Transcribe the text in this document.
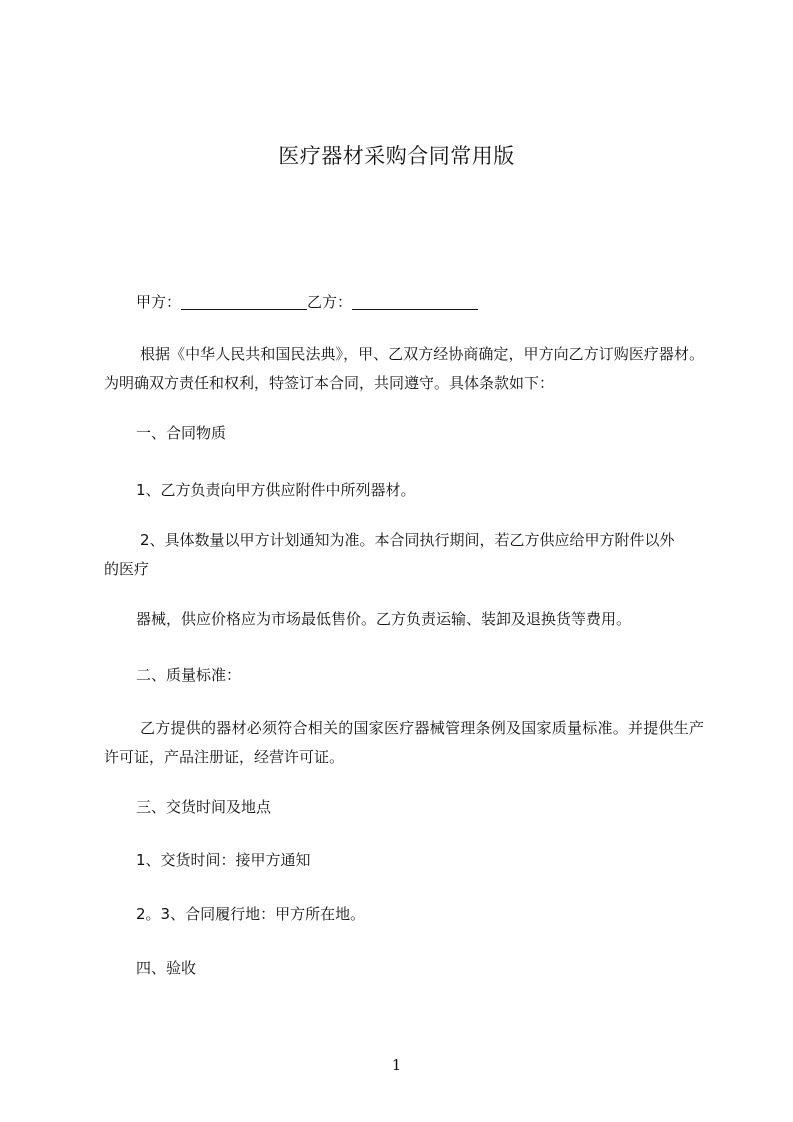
医疗器材采购合同常用版
甲方：	乙方：
根据《中华人民共和国民法典》，甲、乙双方经协商确定，甲方向乙方订购医疗器材。为明确双方责任和权利，特签订本合同，共同遵守。具体条款如下：
一、合同物质
1、乙方负责向甲方供应附件中所列器材。
2、具体数量以甲方计划通知为准。本合同执行期间，若乙方供应给甲方附件以外
的医疗
器械，供应价格应为市场最低售价。乙方负责运输、装卸及退换货等费用。
二、质量标准：
乙方提供的器材必须符合相关的国家医疗器械管理条例及国家质量标准。并提供生产许可证，产品注册证，经营许可证。
三、交货时间及地点
1、交货时间：接甲方通知
2。3、合同履行地：甲方所在地。
四、验收
1
